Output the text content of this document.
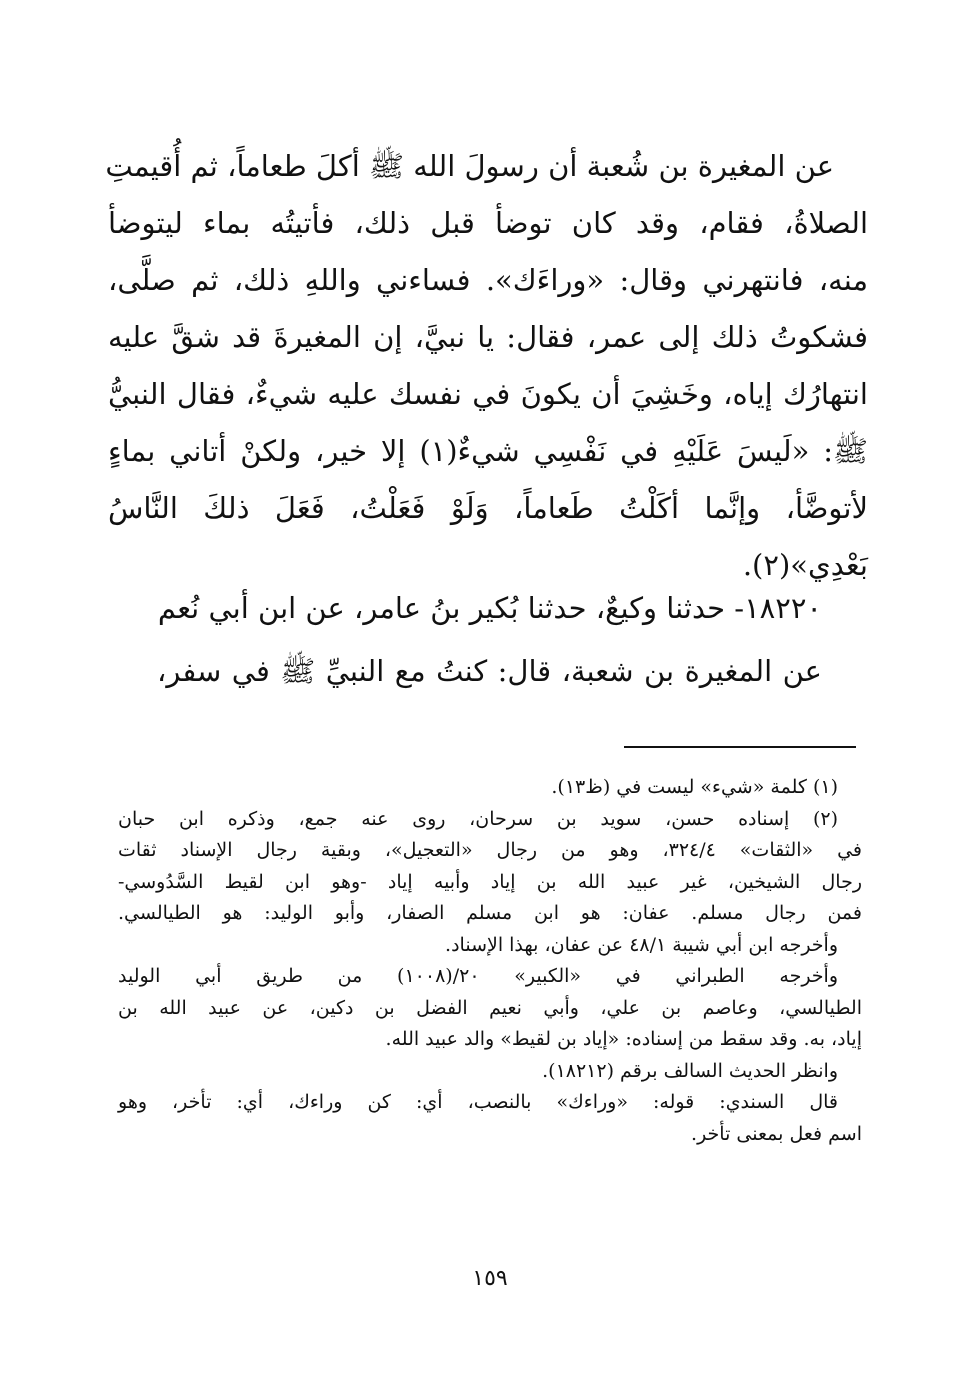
عن المغيرة بن شُعبة أن رسولَ الله ﷺ أكلَ طعاماً، ثم أُقيمتِ
الصلاةُ، فقام، وقد كان توضأ قبل ذلك، فأتيتُه بماء ليتوضأ
منه، فانتهرني وقال: «وراءَك». فساءني واللهِ ذلك، ثم صلَّى،
فشكوتُ ذلك إلى عمر، فقال: يا نبيَّ، إن المغيرةَ قد شقَّ عليه
انتهارُك إياه، وخَشِيَ أن يكونَ في نفسك عليه شيءٌ، فقال النبيُّ
ﷺ: «لَيسَ عَلَيْهِ في نَفْسِي شيءٌ(١) إلا خير، ولكنْ أتاني بماءٍ
لأتوضَّأ، وإنَّما أكَلْتُ طَعاماً، وَلَوْ فَعَلْتُ، فَعَلَ ذلكَ النَّاسُ
بَعْدِي»(٢).
١٨٢٢٠- حدثنا وكيعٌ، حدثنا بُكير بنُ عامر، عن ابن أبي نُعم
عن المغيرة بن شعبة، قال: كنتُ مع النبيِّ ﷺ في سفر،
(١) كلمة «شيء» ليست في (ظ١٣).
(٢) إسناده حسن، سويد بن سرحان، روى عنه جمع، وذكره ابن حبان
في «الثقات» ٣٢٤/٤، وهو من رجال «التعجيل»، وبقية رجال الإسناد ثقات
رجال الشيخين، غير عبيد الله بن إياد وأبيه إياد -وهو ابن لقيط السَّدُوسي-
فمن رجال مسلم. عفان: هو ابن مسلم الصفار، وأبو الوليد: هو الطيالسي.
وأخرجه ابن أبي شيبة ٤٨/١ عن عفان، بهذا الإسناد.
وأخرجه الطبراني في «الكبير» ٢٠/(١٠٠٨) من طريق أبي الوليد
الطيالسي، وعاصم بن علي، وأبي نعيم الفضل بن دكين، عن عبيد الله بن
إياد، به. وقد سقط من إسناده: «إياد بن لقيط» والد عبيد الله.
وانظر الحديث السالف برقم (١٨٢١٢).
قال السندي: قوله: «وراءك» بالنصب، أي: كن وراءك، أي: تأخر، وهو
اسم فعل بمعنى تأخر.
١٥٩
